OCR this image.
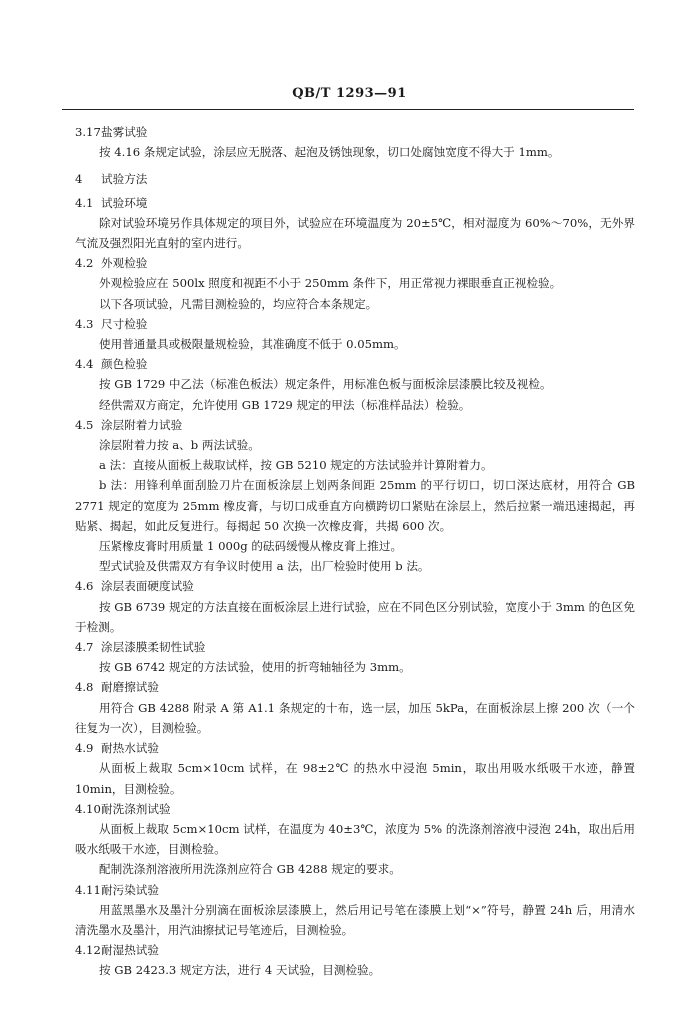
QB/T 1293—91
3.17 盐雾试验
按 4.16 条规定试验，涂层应无脱落、起泡及锈蚀现象，切口处腐蚀宽度不得大于 1mm。
4	试验方法
4.1 试验环境
除对试验环境另作具体规定的项目外，试验应在环境温度为 20±5℃，相对湿度为 60%～70%，无外界气流及强烈阳光直射的室内进行。
4.2 外观检验
外观检验应在 500lx 照度和视距不小于 250mm 条件下，用正常视力裸眼垂直正视检验。
以下各项试验，凡需目测检验的，均应符合本条规定。
4.3 尺寸检验
使用普通量具或极限量规检验，其准确度不低于 0.05mm。
4.4 颜色检验
按 GB 1729 中乙法（标准色板法）规定条件，用标准色板与面板涂层漆膜比较及视检。
经供需双方商定，允许使用 GB 1729 规定的甲法（标准样品法）检验。
4.5 涂层附着力试验
涂层附着力按 a、b 两法试验。
a 法：直接从面板上裁取试样，按 GB 5210 规定的方法试验并计算附着力。
b 法：用锋利单面刮脸刀片在面板涂层上划两条间距 25mm 的平行切口，切口深达底材，用符合 GB 2771 规定的宽度为 25mm 橡皮膏，与切口成垂直方向横跨切口紧贴在涂层上，然后拉紧一端迅速揭起，再贴紧、揭起，如此反复进行。每揭起 50 次换一次橡皮膏，共揭 600 次。
压紧橡皮膏时用质量 1 000g 的砝码缓慢从橡皮膏上推过。
型式试验及供需双方有争议时使用 a 法，出厂检验时使用 b 法。
4.6 涂层表面硬度试验
按 GB 6739 规定的方法直接在面板涂层上进行试验，应在不同色区分别试验，宽度小于 3mm 的色区免于检测。
4.7 涂层漆膜柔韧性试验
按 GB 6742 规定的方法试验，使用的折弯轴轴径为 3mm。
4.8 耐磨擦试验
用符合 GB 4288 附录 A 第 A1.1 条规定的十布，选一层，加压 5kPa，在面板涂层上擦 200 次（一个往复为一次），目测检验。
4.9 耐热水试验
从面板上裁取 5cm×10cm 试样，在 98±2℃ 的热水中浸泡 5min，取出用吸水纸吸干水迹，静置 10min，目测检验。
4.10 耐洗涤剂试验
从面板上裁取 5cm×10cm 试样，在温度为 40±3℃，浓度为 5% 的洗涤剂溶液中浸泡 24h，取出后用吸水纸吸干水迹，目测检验。
配制洗涤剂溶液所用洗涤剂应符合 GB 4288 规定的要求。
4.11 耐污染试验
用蓝黑墨水及墨汁分别滴在面板涂层漆膜上，然后用记号笔在漆膜上划“×”符号，静置 24h 后，用清水清洗墨水及墨汁，用汽油擦拭记号笔迹后，目测检验。
4.12 耐湿热试验
按 GB 2423.3 规定方法，进行 4 天试验，目测检验。
